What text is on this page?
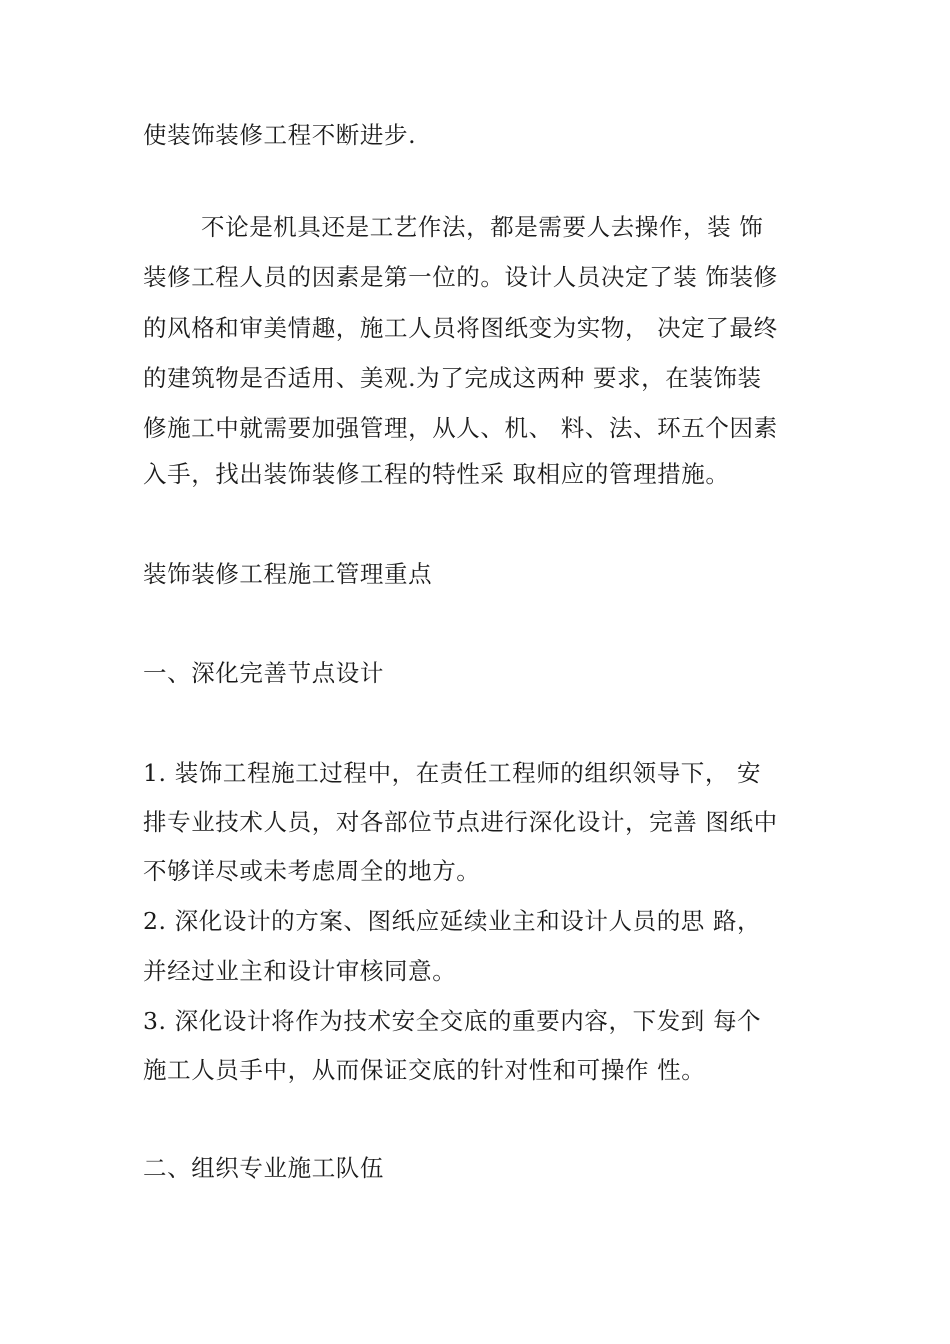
使装饰装修工程不断进步.
不论是机具还是工艺作法，都是需要人去操作，装 饰
装修工程人员的因素是第一位的。设计人员决定了装 饰装修
的风格和审美情趣，施工人员将图纸变为实物， 决定了最终
的建筑物是否适用、美观.为了完成这两种 要求，在装饰装
修施工中就需要加强管理，从人、机、 料、法、环五个因素
入手，找出装饰装修工程的特性采 取相应的管理措施。
装饰装修工程施工管理重点
一、深化完善节点设计
1. 装饰工程施工过程中，在责任工程师的组织领导下， 安
排专业技术人员，对各部位节点进行深化设计，完善 图纸中
不够详尽或未考虑周全的地方。
2. 深化设计的方案、图纸应延续业主和设计人员的思 路，
并经过业主和设计审核同意。
3. 深化设计将作为技术安全交底的重要内容，下发到 每个
施工人员手中，从而保证交底的针对性和可操作 性。
二、组织专业施工队伍
